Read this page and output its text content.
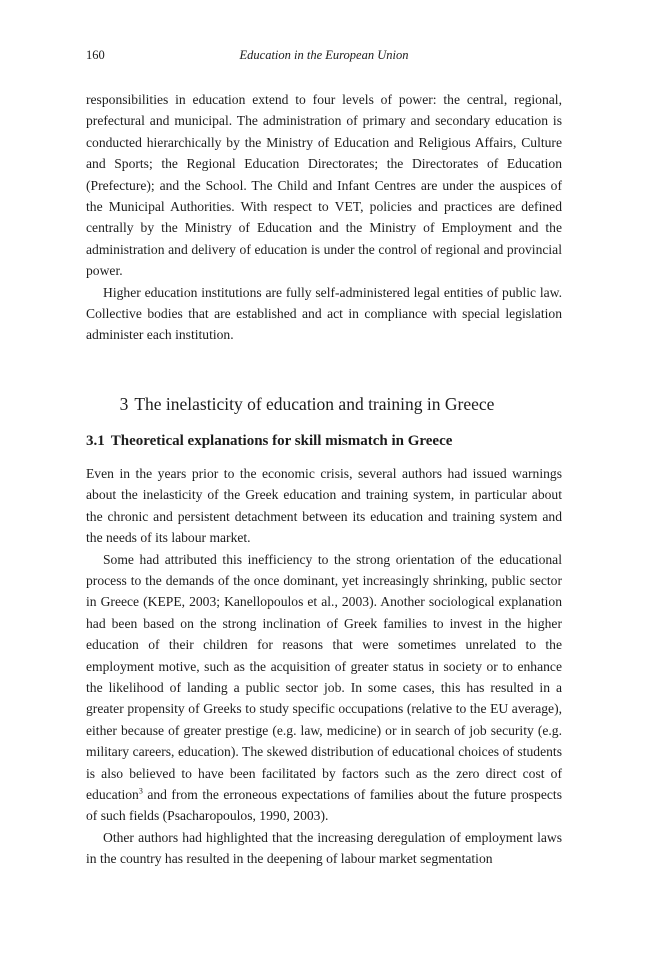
160	Education in the European Union

responsibilities in education extend to four levels of power: the central, regional, prefectural and municipal. The administration of primary and secondary education is conducted hierarchically by the Ministry of Education and Religious Affairs, Culture and Sports; the Regional Education Directorates; the Directorates of Education (Prefecture); and the School. The Child and Infant Centres are under the auspices of the Municipal Authorities. With respect to VET, policies and practices are defined centrally by the Ministry of Education and the Ministry of Employment and the administration and delivery of education is under the control of regional and provincial power.

Higher education institutions are fully self-administered legal entities of public law. Collective bodies that are established and act in compliance with special legislation administer each institution.

3 The inelasticity of education and training in Greece
3.1 Theoretical explanations for skill mismatch in Greece

Even in the years prior to the economic crisis, several authors had issued warnings about the inelasticity of the Greek education and training system, in particular about the chronic and persistent detachment between its education and training system and the needs of its labour market.

Some had attributed this inefficiency to the strong orientation of the educational process to the demands of the once dominant, yet increasingly shrinking, public sector in Greece (KEPE, 2003; Kanellopoulos et al., 2003). Another sociological explanation had been based on the strong inclination of Greek families to invest in the higher education of their children for reasons that were sometimes unrelated to the employment motive, such as the acquisition of greater status in society or to enhance the likelihood of landing a public sector job. In some cases, this has resulted in a greater propensity of Greeks to study specific occupations (relative to the EU average), either because of greater prestige (e.g. law, medicine) or in search of job security (e.g. military careers, education). The skewed distribution of educational choices of students is also believed to have been facilitated by factors such as the zero direct cost of education$^3$ and from the erroneous expectations of families about the future prospects of such fields (Psacharopoulos, 1990, 2003).

Other authors had highlighted that the increasing deregulation of employment laws in the country has resulted in the deepening of labour market segmentation
